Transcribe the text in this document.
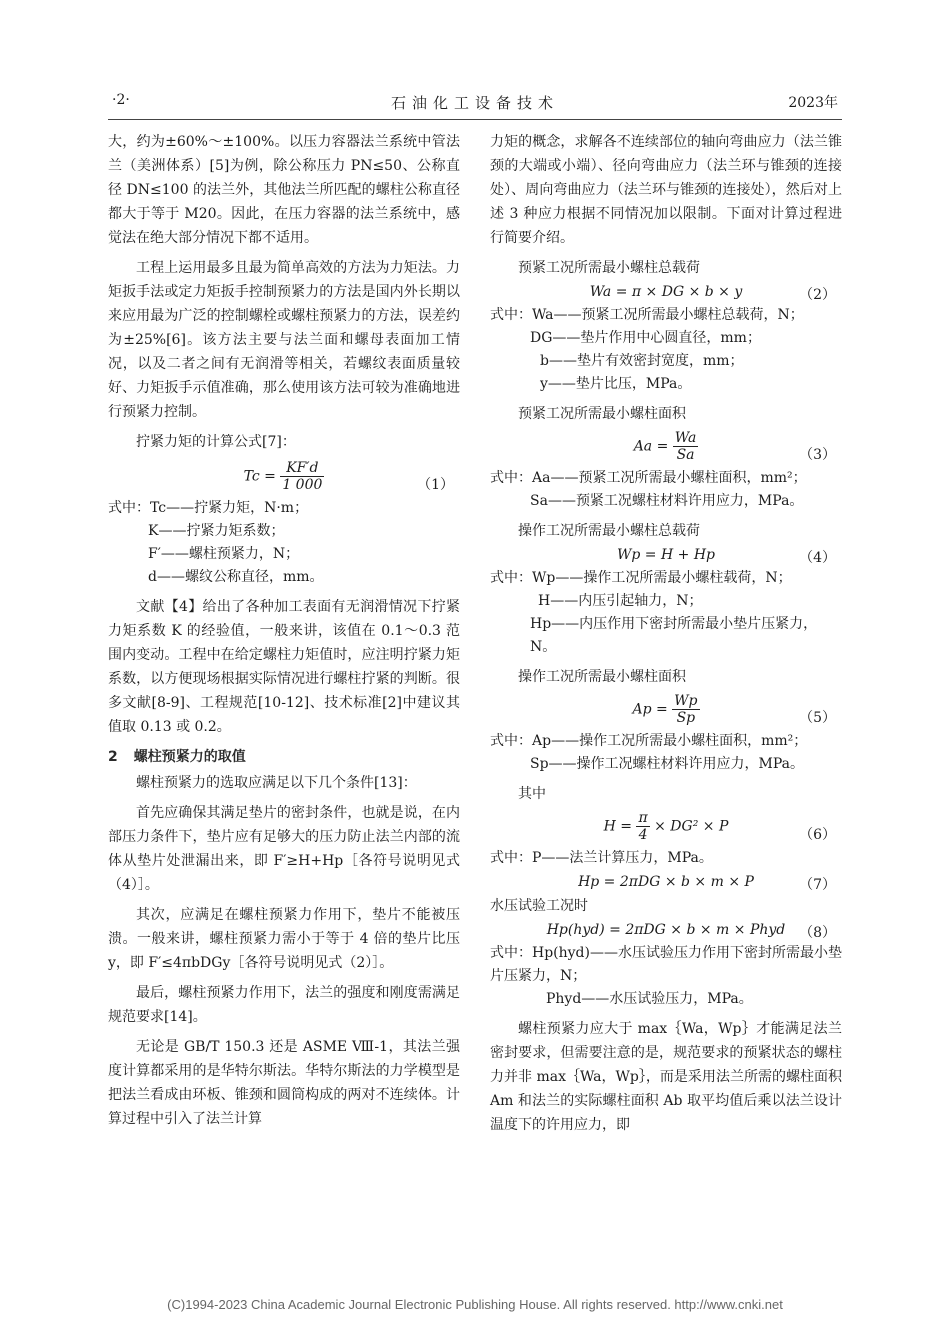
·2·	石油化工设备技术	2023年

大，约为±60%～±100%。以压力容器法兰系统中管法兰（美洲体系）[5]为例，除公称压力 PN≤50、公称直径 DN≤100 的法兰外，其他法兰所匹配的螺柱公称直径都大于等于 M20。因此，在压力容器的法兰系统中，感觉法在绝大部分情况下都不适用。

工程上运用最多且最为简单高效的方法为力矩法。力矩扳手法或定力矩扳手控制预紧力的方法是国内外长期以来应用最为广泛的控制螺栓或螺柱预紧力的方法，误差约为±25%[6]。该方法主要与法兰面和螺母表面加工情况，以及二者之间有无润滑等相关，若螺纹表面质量较好、力矩扳手示值准确，那么使用该方法可较为准确地进行预紧力控制。

拧紧力矩的计算公式[7]：

$Tc = \frac{KF'd}{1 000}$	（1）
式中：Tc——拧紧力矩，N·m；
K——拧紧力矩系数；
F′——螺柱预紧力，N；
d——螺纹公称直径，mm。

文献【4】给出了各种加工表面有无润滑情况下拧紧力矩系数 K 的经验值，一般来讲，该值在 0.1～0.3 范围内变动。工程中在给定螺柱力矩值时，应注明拧紧力矩系数，以方便现场根据实际情况进行螺柱拧紧的判断。很多文献[8-9]、工程规范[10-12]、技术标准[2]中建议其值取 0.13 或 0.2。

2 螺柱预紧力的取值

螺柱预紧力的选取应满足以下几个条件[13]：

首先应确保其满足垫片的密封条件，也就是说，在内部压力条件下，垫片应有足够大的压力防止法兰内部的流体从垫片处泄漏出来，即 F′≥H+Hp［各符号说明见式（4）］。

其次，应满足在螺柱预紧力作用下，垫片不能被压溃。一般来讲，螺柱预紧力需小于等于 4 倍的垫片比压 y，即 F′≤4πbDGy［各符号说明见式（2）］。

最后，螺柱预紧力作用下，法兰的强度和刚度需满足规范要求[14]。

无论是 GB/T 150.3 还是 ASME Ⅷ-1，其法兰强度计算都采用的是华特尔斯法。华特尔斯法的力学模型是把法兰看成由环板、锥颈和圆筒构成的两对不连续体。计算过程中引入了法兰计算

力矩的概念，求解各不连续部位的轴向弯曲应力（法兰锥颈的大端或小端）、径向弯曲应力（法兰环与锥颈的连接处）、周向弯曲应力（法兰环与锥颈的连接处），然后对上述 3 种应力根据不同情况加以限制。下面对计算过程进行简要介绍。

预紧工况所需最小螺柱总载荷

Wa = π × DG × b × y	（2）
式中：Wa——预紧工况所需最小螺柱总载荷，N；
DG——垫片作用中心圆直径，mm；
b——垫片有效密封宽度，mm；
y——垫片比压，MPa。

预紧工况所需最小螺柱面积

$Aa = \frac{Wa}{Sa}$	（3）
式中：Aa——预紧工况所需最小螺柱面积，mm²；
Sa——预紧工况螺柱材料许用应力，MPa。

操作工况所需最小螺柱总载荷

Wp = H + Hp	（4）
式中：Wp——操作工况所需最小螺柱载荷，N；
H——内压引起轴力，N；
Hp——内压作用下密封所需最小垫片压紧力，N。

操作工况所需最小螺柱面积

$Ap = \frac{Wp}{Sp}$	（5）
式中：Ap——操作工况所需最小螺柱面积，mm²；
Sp——操作工况螺柱材料许用应力，MPa。

其中

$H = \frac{\pi}{4} \times DG^2 \times P$
（6）
式中：P——法兰计算压力，MPa。
Hp = 2πDG × b × m × P	（7）

水压试验工况时

Hp(hyd) = 2πDG × b × m × Phyd （8）
式中：Hp(hyd)——水压试验压力作用下密封所需最小垫片压紧力，N；
Phyd——水压试验压力，MPa。

螺柱预紧力应大于 max｛Wa，Wp｝才能满足法兰密封要求，但需要注意的是，规范要求的预紧状态的螺柱力并非 max｛Wa，Wp｝，而是采用法兰所需的螺柱面积 Am 和法兰的实际螺柱面积 Ab 取平均值后乘以法兰设计温度下的许用应力，即

(C)1994-2023 China Academic Journal Electronic Publishing House. All rights reserved. http://www.cnki.net
